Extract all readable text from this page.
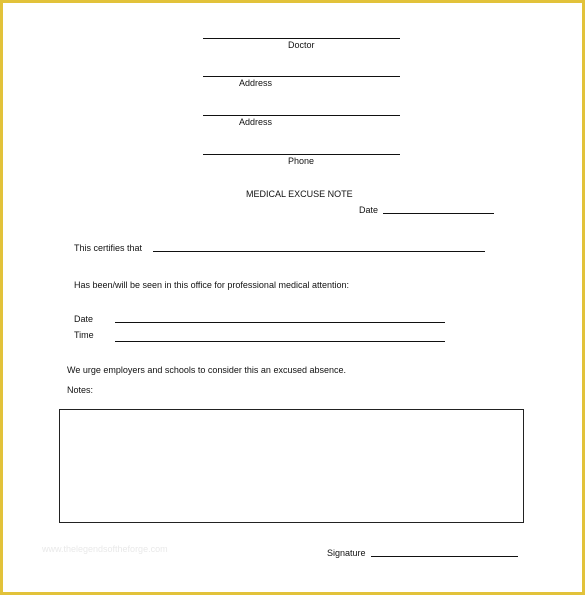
Doctor
Address
Address
Phone
MEDICAL EXCUSE NOTE
Date
This certifies that
Has been/will be seen in this office for professional medical attention:
Date
Time
We urge employers and schools to consider this an excused absence.
Notes:
www.thelegendsoftheforge.com	Signature
